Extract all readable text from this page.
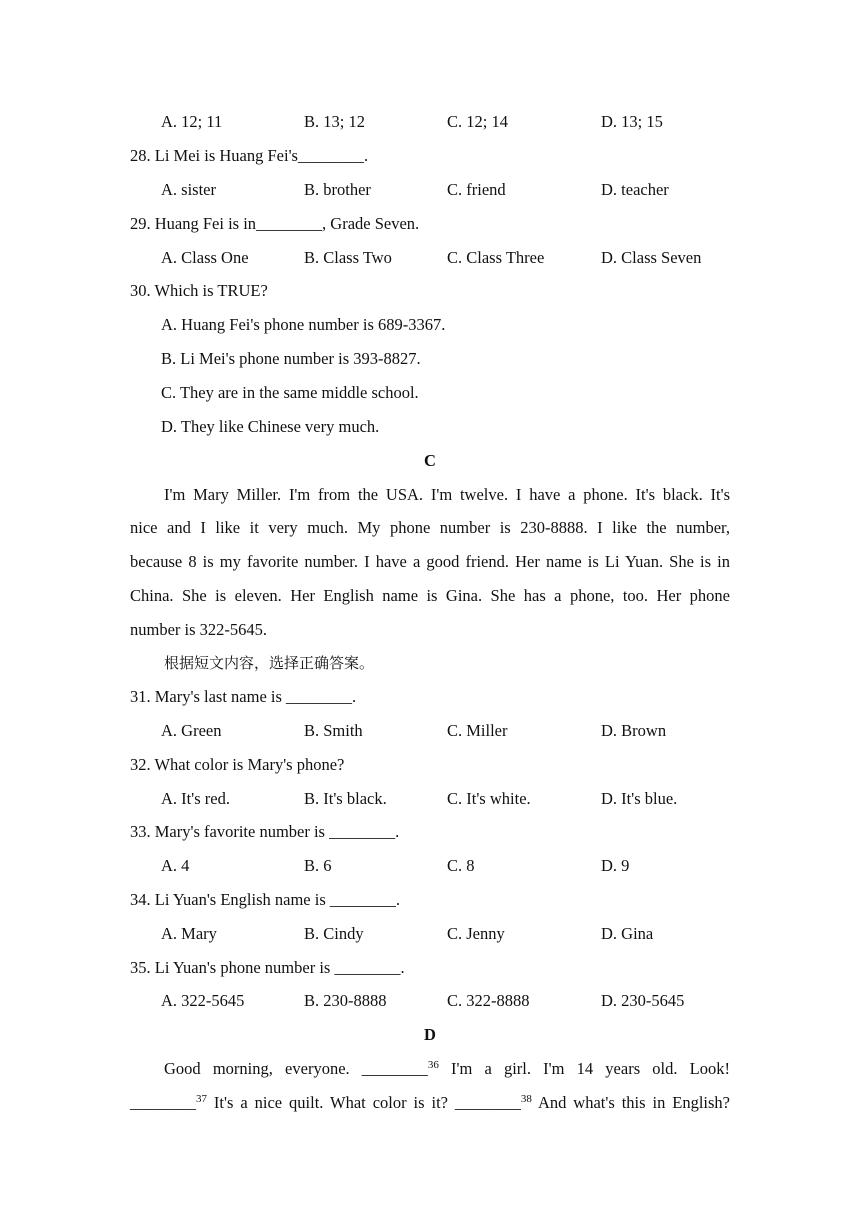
A. 12; 11	B. 13; 12	C. 12; 14	D. 13; 15
28. Li Mei is Huang Fei's________.
A. sister	B. brother	C. friend	D. teacher
29. Huang Fei is in________, Grade Seven.
A. Class One	B. Class Two	C. Class Three	D. Class Seven
30. Which is TRUE?
A. Huang Fei's phone number is 689-3367.
B. Li Mei's phone number is 393-8827.
C. They are in the same middle school.
D. They like Chinese very much.
C
I'm Mary Miller. I'm from the USA. I'm twelve. I have a phone. It's black. It's
nice and I like it very much. My phone number is 230-8888. I like the number,
because 8 is my favorite number. I have a good friend. Her name is Li Yuan. She is in
China. She is eleven. Her English name is Gina. She has a phone, too. Her phone
number is 322-5645.
根据短文内容，选择正确答案。
31. Mary's last name is ________.
A. Green	B. Smith	C. Miller	D. Brown
32. What color is Mary's phone?
A. It's red.	B. It's black.	C. It's white.	D. It's blue.
33. Mary's favorite number is ________.
A. 4	B. 6	C. 8	D. 9
34. Li Yuan's English name is ________.
A. Mary	B. Cindy	C. Jenny	D. Gina
35. Li Yuan's phone number is ________.
A. 322-5645	B. 230-8888	C. 322-8888	D. 230-5645
D
Good morning, everyone. ________$^{36}$ I'm a girl. I'm 14 years old. Look!
________$^{37}$ It's a nice quilt. What color is it? ________$^{38}$ And what's this in English?
